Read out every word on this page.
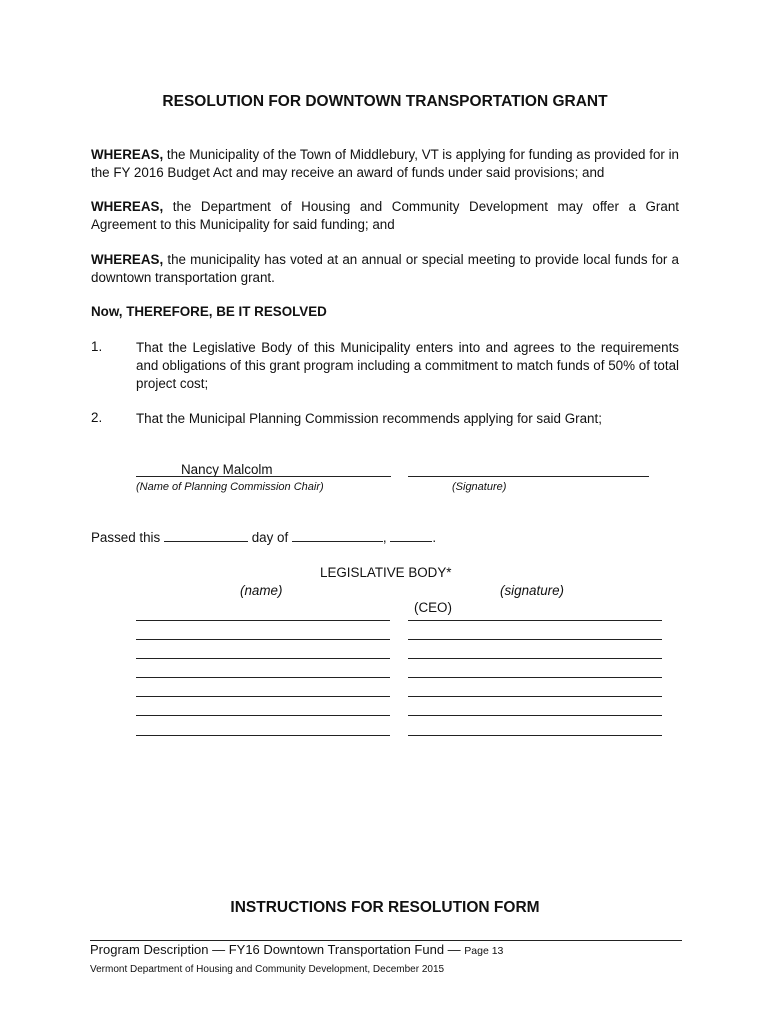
RESOLUTION FOR DOWNTOWN TRANSPORTATION GRANT
WHEREAS, the Municipality of the Town of Middlebury, VT is applying for funding as provided for in the FY 2016 Budget Act and may receive an award of funds under said provisions; and
WHEREAS, the Department of Housing and Community Development may offer a Grant Agreement to this Municipality for said funding; and
WHEREAS, the municipality has voted at an annual or special meeting to provide local funds for a downtown transportation grant.
Now, THEREFORE, BE IT RESOLVED
1.	That the Legislative Body of this Municipality enters into and agrees to the requirements and obligations of this grant program including a commitment to match funds of 50% of total project cost;
2.	That the Municipal Planning Commission recommends applying for said Grant;
Nancy Malcolm
(Name of Planning Commission Chair)	(Signature)
Passed this	day of	,	.
LEGISLATIVE BODY*
(name)	(signature)
(CEO)
INSTRUCTIONS FOR RESOLUTION FORM
Program Description — FY16 Downtown Transportation Fund — Page 13
Vermont Department of Housing and Community Development, December 2015
